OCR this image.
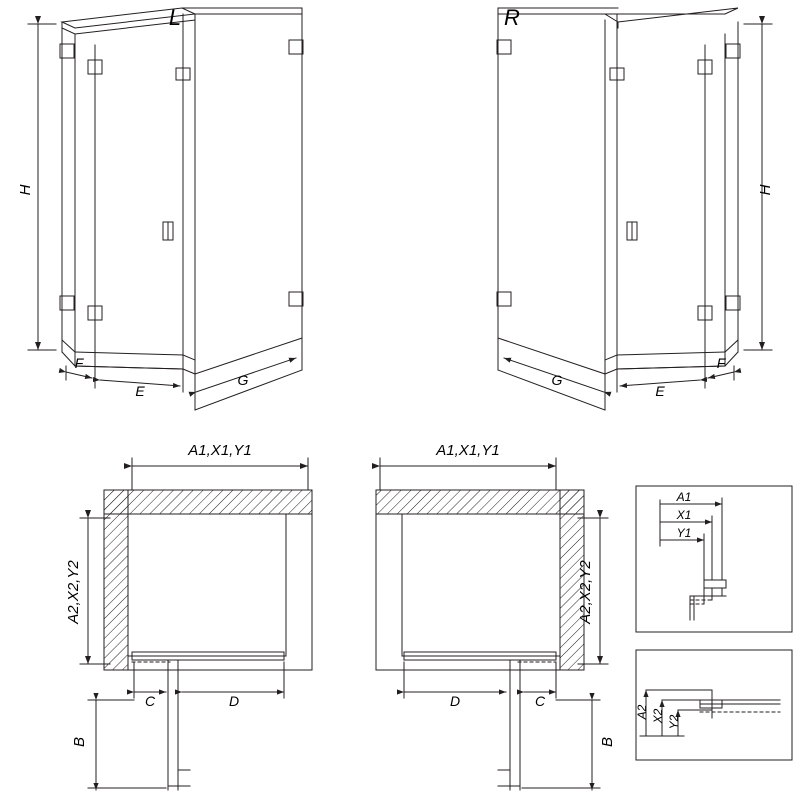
L	R
H	H
F
E
G
F
E
G
A1,X1,Y1	A1,X1,Y1
A2,X2,Y2	A2,X2,Y2
C	D	D	C
B	B
A1
X1
Y1
A2 X2 Y2
